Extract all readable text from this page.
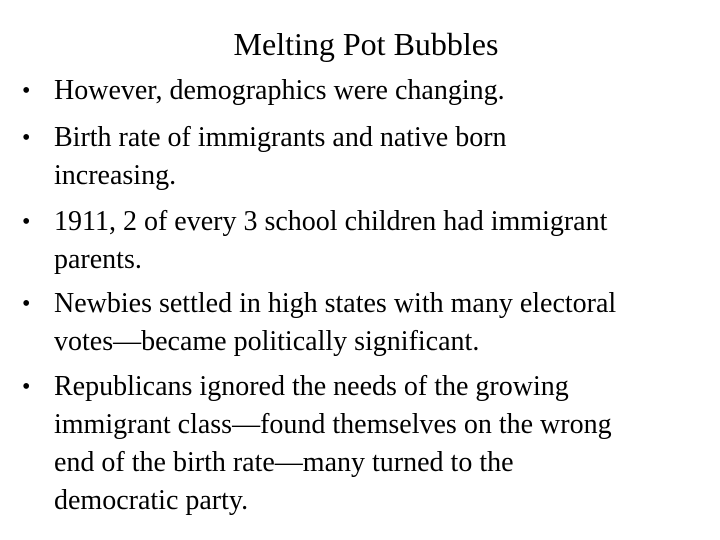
Melting Pot Bubbles
• However, demographics were changing.
• Birth rate of immigrants and native born
increasing.
• 1911, 2 of every 3 school children had immigrant
parents.
• Newbies settled in high states with many electoral
votes—became politically significant.
• Republicans ignored the needs of the growing
immigrant class—found themselves on the wrong
end of the birth rate—many turned to the
democratic party.
